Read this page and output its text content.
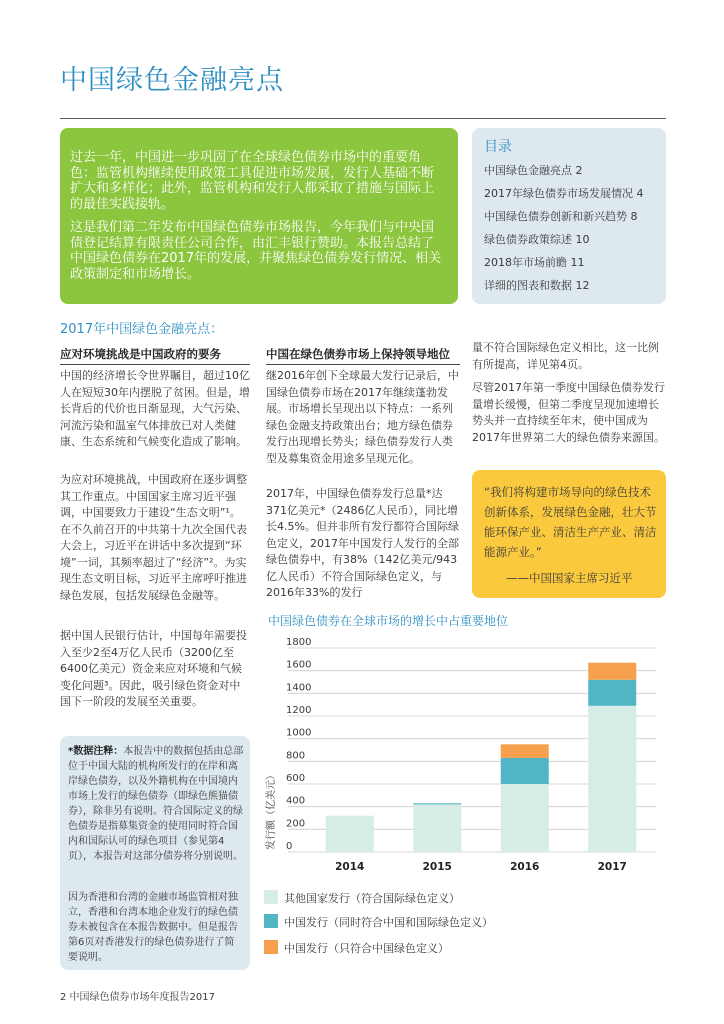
中国绿色金融亮点

过去一年，中国进一步巩固了在全球绿色债券市场中的重要角色：监管机构继续使用政策工具促进市场发展，发行人基础不断扩大和多样化；此外，监管机构和发行人都采取了措施与国际上的最佳实践接轨。

这是我们第二年发布中国绿色债券市场报告，今年我们与中央国债登记结算有限责任公司合作，由汇丰银行赞助。本报告总结了中国绿色债券在2017年的发展，并聚焦绿色债券发行情况、相关政策制定和市场增长。

目录
中国绿色金融亮点 2
2017年绿色债券市场发展情况 4
中国绿色债券创新和新兴趋势 8
绿色债券政策综述 10
2018年市场前瞻 11
详细的图表和数据 12
2017年中国绿色金融亮点：
应对环境挑战是中国政府的要务

中国的经济增长令世界瞩目，超过10亿人在短短30年内摆脱了贫困。但是，增长背后的代价也日渐显现，大气污染、河流污染和温室气体排放已对人类健康、生态系统和气候变化造成了影响。

为应对环境挑战，中国政府在逐步调整其工作重点。中国国家主席习近平强调，中国要致力于建设“生态文明”¹。在不久前召开的中共第十九次全国代表大会上，习近平在讲话中多次提到“环境”一词，其频率超过了“经济”²。为实现生态文明目标，习近平主席呼吁推进绿色发展，包括发展绿色金融等。

据中国人民银行估计，中国每年需要投入至少2至4万亿人民币（3200亿至6400亿美元）资金来应对环境和气候变化问题³。因此，吸引绿色资金对中国下一阶段的发展至关重要。

*数据注释：本报告中的数据包括由总部位于中国大陆的机构所发行的在岸和离岸绿色债券，以及外籍机构在中国境内市场上发行的绿色债券（即绿色熊猫债券），除非另有说明。符合国际定义的绿色债券是指募集资金的使用同时符合国内和国际认可的绿色项目（参见第4页），本报告对这部分债券将分别说明。

因为香港和台湾的金融市场监管相对独立，香港和台湾本地企业发行的绿色债券未被包含在本报告数据中。但是报告第6页对香港发行的绿色债券进行了简要说明。

中国在绿色债券市场上保持领导地位

继2016年创下全球最大发行记录后，中国绿色债券市场在2017年继续蓬勃发展。市场增长呈现出以下特点：一系列绿色金融支持政策出台；地方绿色债券发行出现增长势头；绿色债券发行人类型及募集资金用途多呈现元化。

2017年，中国绿色债券发行总量*达371亿美元*（2486亿人民币），同比增长4.5%。但并非所有发行都符合国际绿色定义，2017年中国发行人发行的全部绿色债券中，有38%（142亿美元/943亿人民币）不符合国际绿色定义，与2016年33%的发行

量不符合国际绿色定义相比，这一比例有所提高，详见第4页。

尽管2017年第一季度中国绿色债券发行量增长缓慢，但第二季度呈现加速增长势头并一直持续至年末，使中国成为2017年世界第二大的绿色债券来源国。

“我们将构建市场导向的绿色技术创新体系，发展绿色金融，壮大节能环保产业、清洁生产产业、清洁能源产业。”

——中国国家主席习近平
中国绿色债券在全球市场的增长中占重要地位
0
200
400
600
800
1000
1200
1400
1600
1800
发行额（亿美元）
2014	2015	2016	2017
其他国家发行（符合国际绿色定义）
中国发行（同时符合中国和国际绿色定义）
中国发行（只符合中国绿色定义）
2 中国绿色债券市场年度报告2017
